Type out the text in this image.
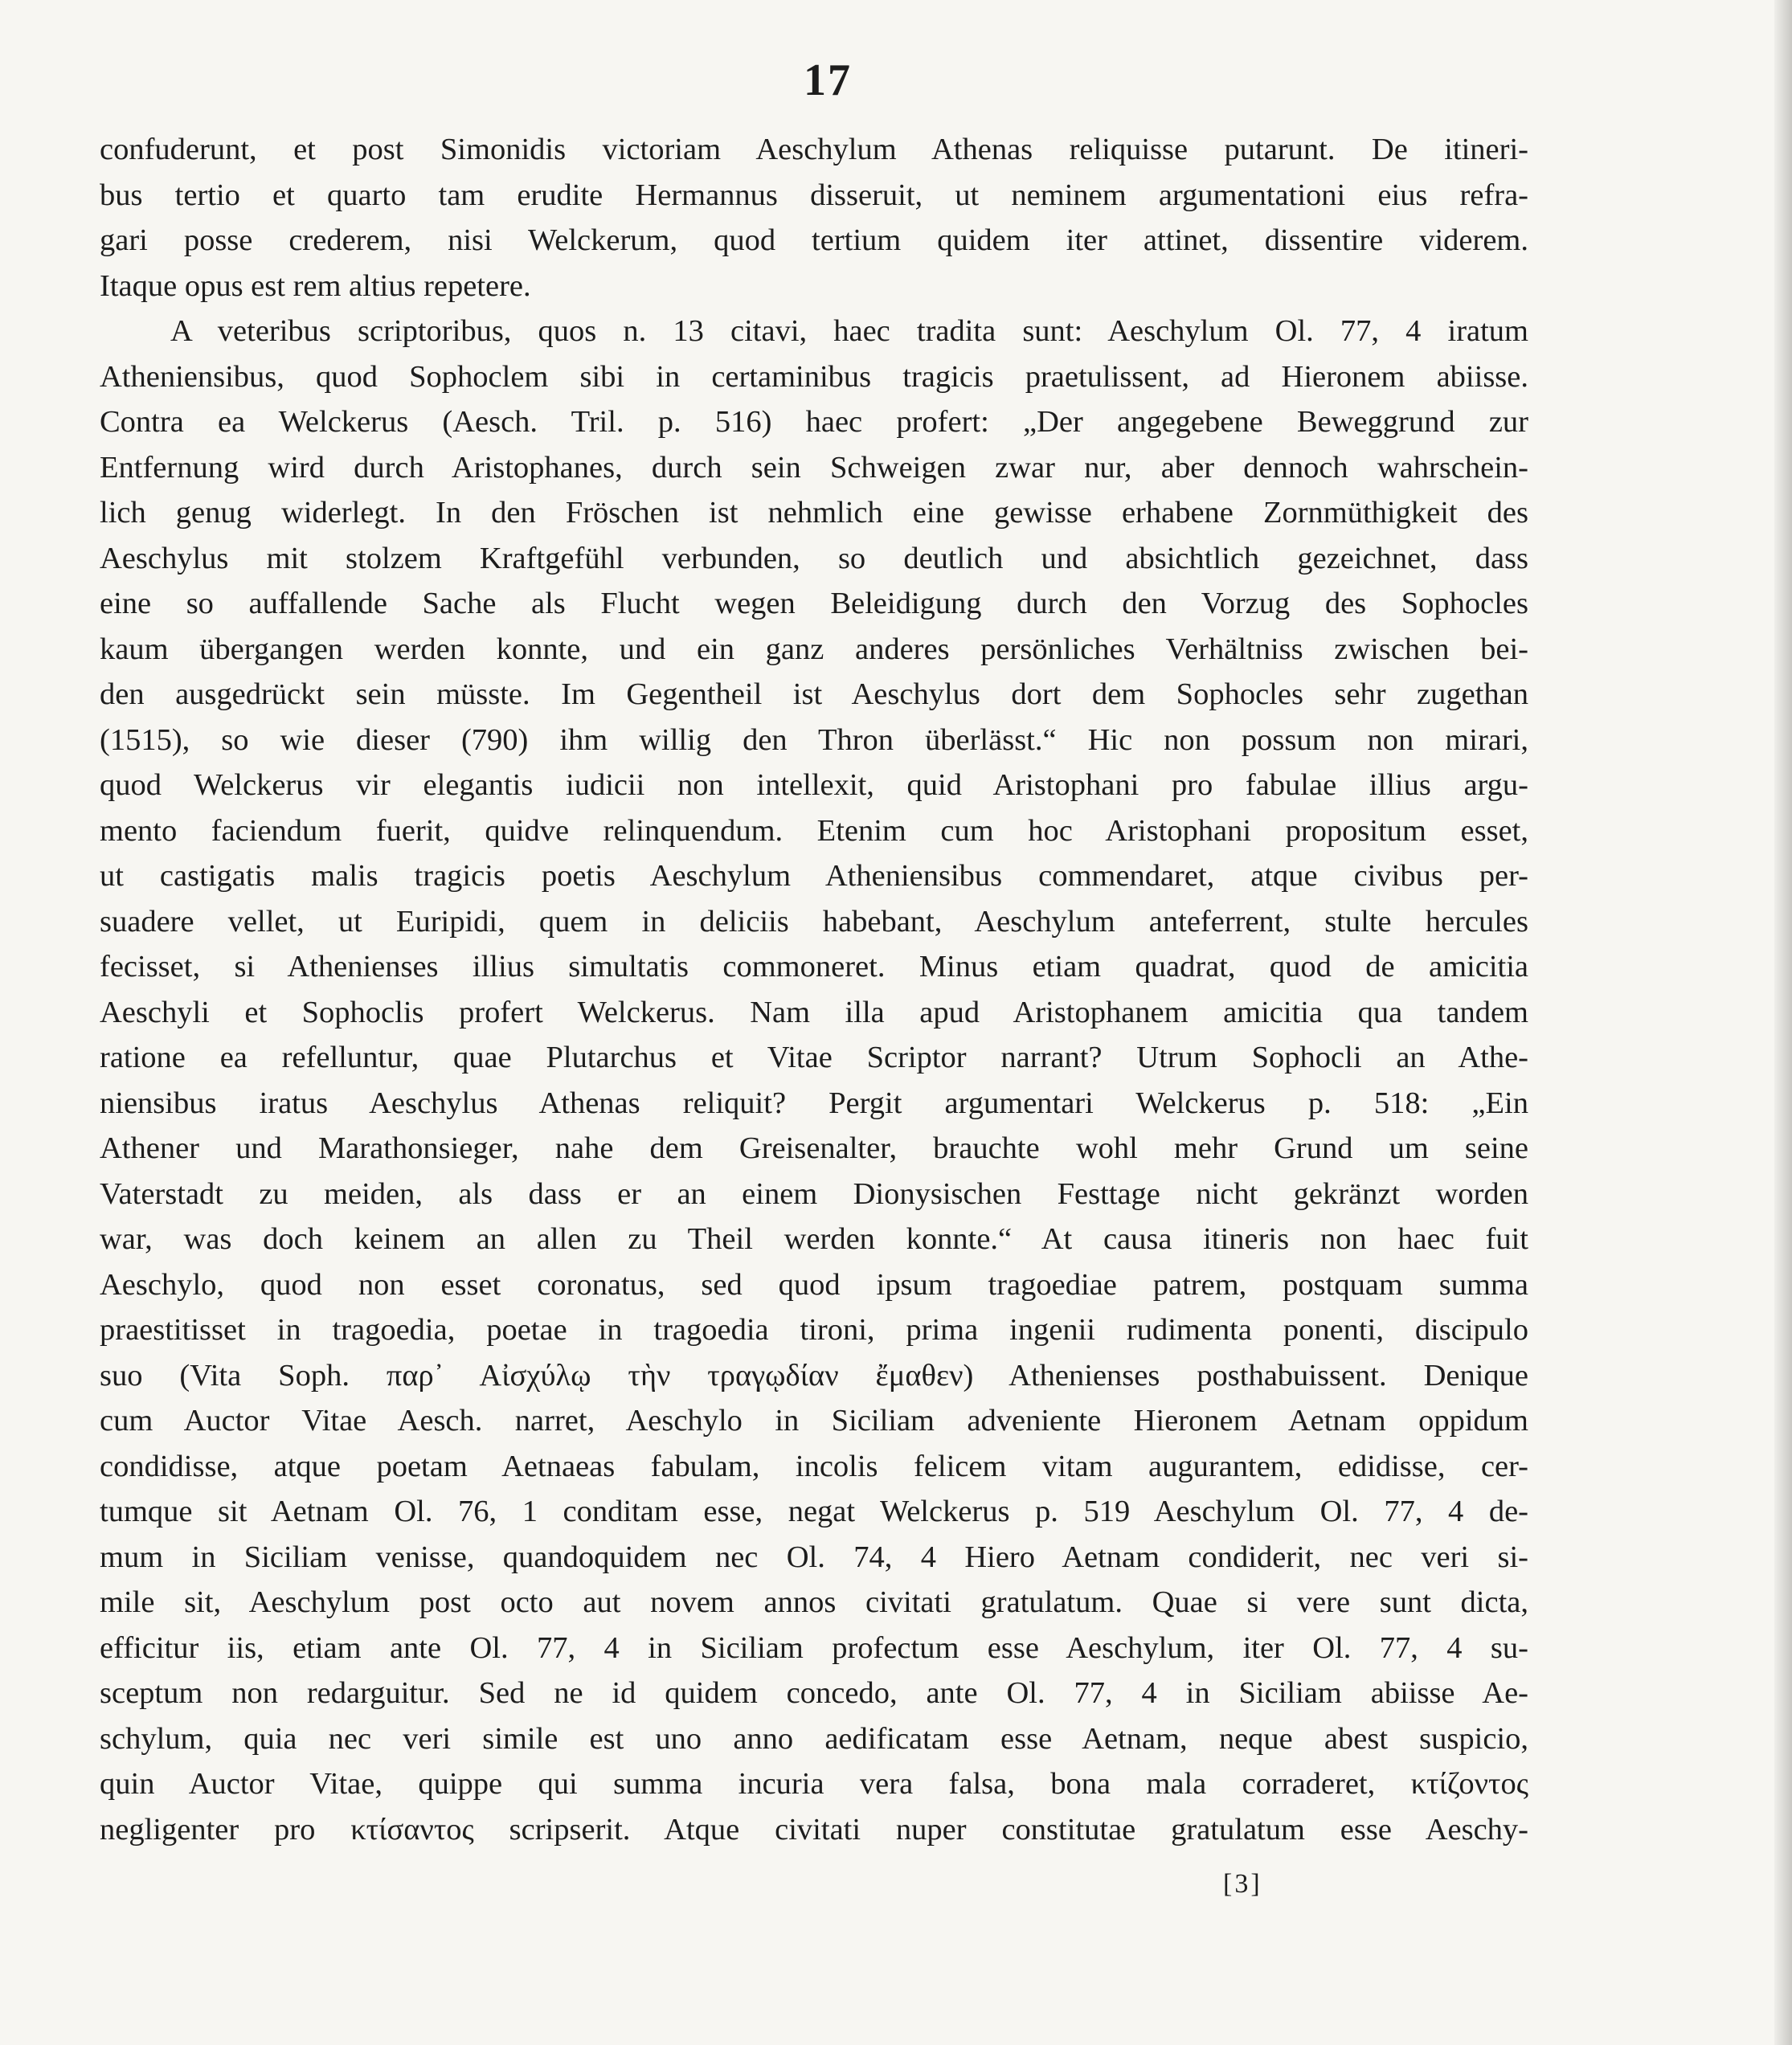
17
confuderunt, et post Simonidis victoriam Aeschylum Athenas reliquisse putarunt. De itineri-
bus tertio et quarto tam erudite Hermannus disseruit, ut neminem argumentationi eius refra-
gari posse crederem, nisi Welckerum, quod tertium quidem iter attinet, dissentire viderem.
Itaque opus est rem altius repetere.
A veteribus scriptoribus, quos n. 13 citavi, haec tradita sunt: Aeschylum Ol. 77, 4 iratum
Atheniensibus, quod Sophoclem sibi in certaminibus tragicis praetulissent, ad Hieronem abiisse.
Contra ea Welckerus (Aesch. Tril. p. 516) haec profert: „Der angegebene Beweggrund zur
Entfernung wird durch Aristophanes, durch sein Schweigen zwar nur, aber dennoch wahrschein-
lich genug widerlegt. In den Fröschen ist nehmlich eine gewisse erhabene Zornmüthigkeit des
Aeschylus mit stolzem Kraftgefühl verbunden, so deutlich und absichtlich gezeichnet, dass
eine so auffallende Sache als Flucht wegen Beleidigung durch den Vorzug des Sophocles
kaum übergangen werden konnte, und ein ganz anderes persönliches Verhältniss zwischen bei-
den ausgedrückt sein müsste. Im Gegentheil ist Aeschylus dort dem Sophocles sehr zugethan
(1515), so wie dieser (790) ihm willig den Thron überlässt.“ Hic non possum non mirari,
quod Welckerus vir elegantis iudicii non intellexit, quid Aristophani pro fabulae illius argu-
mento faciendum fuerit, quidve relinquendum. Etenim cum hoc Aristophani propositum esset,
ut castigatis malis tragicis poetis Aeschylum Atheniensibus commendaret, atque civibus per-
suadere vellet, ut Euripidi, quem in deliciis habebant, Aeschylum anteferrent, stulte hercules
fecisset, si Athenienses illius simultatis commoneret. Minus etiam quadrat, quod de amicitia
Aeschyli et Sophoclis profert Welckerus. Nam illa apud Aristophanem amicitia qua tandem
ratione ea refelluntur, quae Plutarchus et Vitae Scriptor narrant? Utrum Sophocli an Athe-
niensibus iratus Aeschylus Athenas reliquit? Pergit argumentari Welckerus p. 518: „Ein
Athener und Marathonsieger, nahe dem Greisenalter, brauchte wohl mehr Grund um seine
Vaterstadt zu meiden, als dass er an einem Dionysischen Festtage nicht gekränzt worden
war, was doch keinem an allen zu Theil werden konnte.“ At causa itineris non haec fuit
Aeschylo, quod non esset coronatus, sed quod ipsum tragoediae patrem, postquam summa
praestitisset in tragoedia, poetae in tragoedia tironi, prima ingenii rudimenta ponenti, discipulo
suo (Vita Soph. παρ᾽ Αἰσχύλῳ τὴν τραγῳδίαν ἔμαθεν) Athenienses posthabuissent. Denique
cum Auctor Vitae Aesch. narret, Aeschylo in Siciliam adveniente Hieronem Aetnam oppidum
condidisse, atque poetam Aetnaeas fabulam, incolis felicem vitam augurantem, edidisse, cer-
tumque sit Aetnam Ol. 76, 1 conditam esse, negat Welckerus p. 519 Aeschylum Ol. 77, 4 de-
mum in Siciliam venisse, quandoquidem nec Ol. 74, 4 Hiero Aetnam condiderit, nec veri si-
mile sit, Aeschylum post octo aut novem annos civitati gratulatum. Quae si vere sunt dicta,
efficitur iis, etiam ante Ol. 77, 4 in Siciliam profectum esse Aeschylum, iter Ol. 77, 4 su-
sceptum non redarguitur. Sed ne id quidem concedo, ante Ol. 77, 4 in Siciliam abiisse Ae-
schylum, quia nec veri simile est uno anno aedificatam esse Aetnam, neque abest suspicio,
quin Auctor Vitae, quippe qui summa incuria vera falsa, bona mala corraderet, κτίζοντος
negligenter pro κτίσαντος scripserit. Atque civitati nuper constitutae gratulatum esse Aeschy-
[3]
